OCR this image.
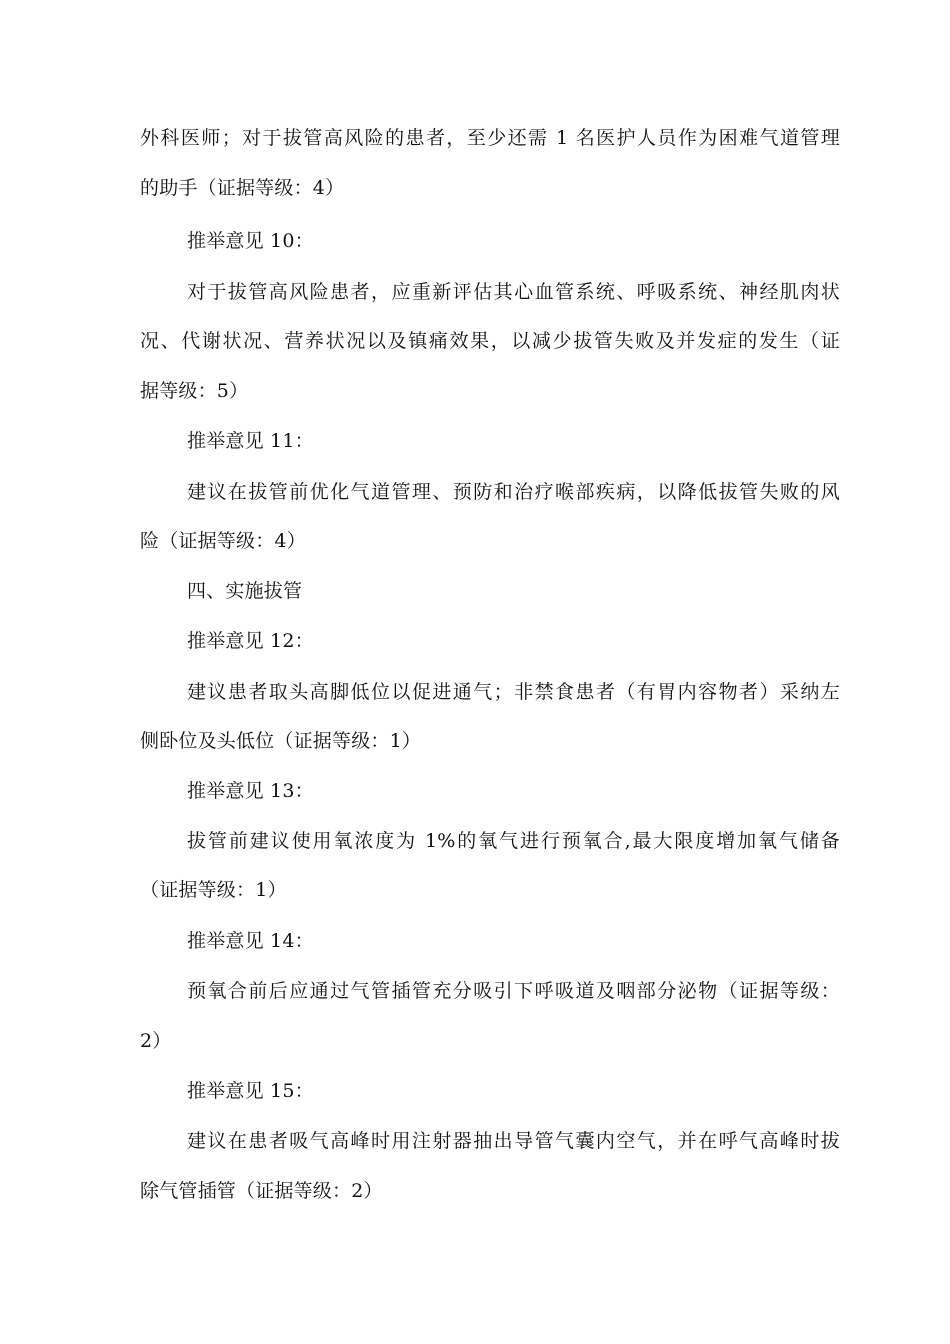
外科医师；对于拔管高风险的患者，至少还需 1 名医护人员作为困难气道管理
的助手（证据等级：4）
推举意见 10：
对于拔管高风险患者，应重新评估其心血管系统、呼吸系统、神经肌肉状
况、代谢状况、营养状况以及镇痛效果，以减少拔管失败及并发症的发生（证
据等级：5）
推举意见 11：
建议在拔管前优化气道管理、预防和治疗喉部疾病，以降低拔管失败的风
险（证据等级：4）
四、实施拔管
推举意见 12：
建议患者取头高脚低位以促进通气；非禁食患者（有胃内容物者）采纳左
侧卧位及头低位（证据等级：1）
推举意见 13：
拔管前建议使用氧浓度为 1%的氧气进行预氧合,最大限度增加氧气储备
（证据等级：1）
推举意见 14：
预氧合前后应通过气管插管充分吸引下呼吸道及咽部分泌物（证据等级：
2）
推举意见 15：
建议在患者吸气高峰时用注射器抽出导管气囊内空气，并在呼气高峰时拔
除气管插管（证据等级：2）
